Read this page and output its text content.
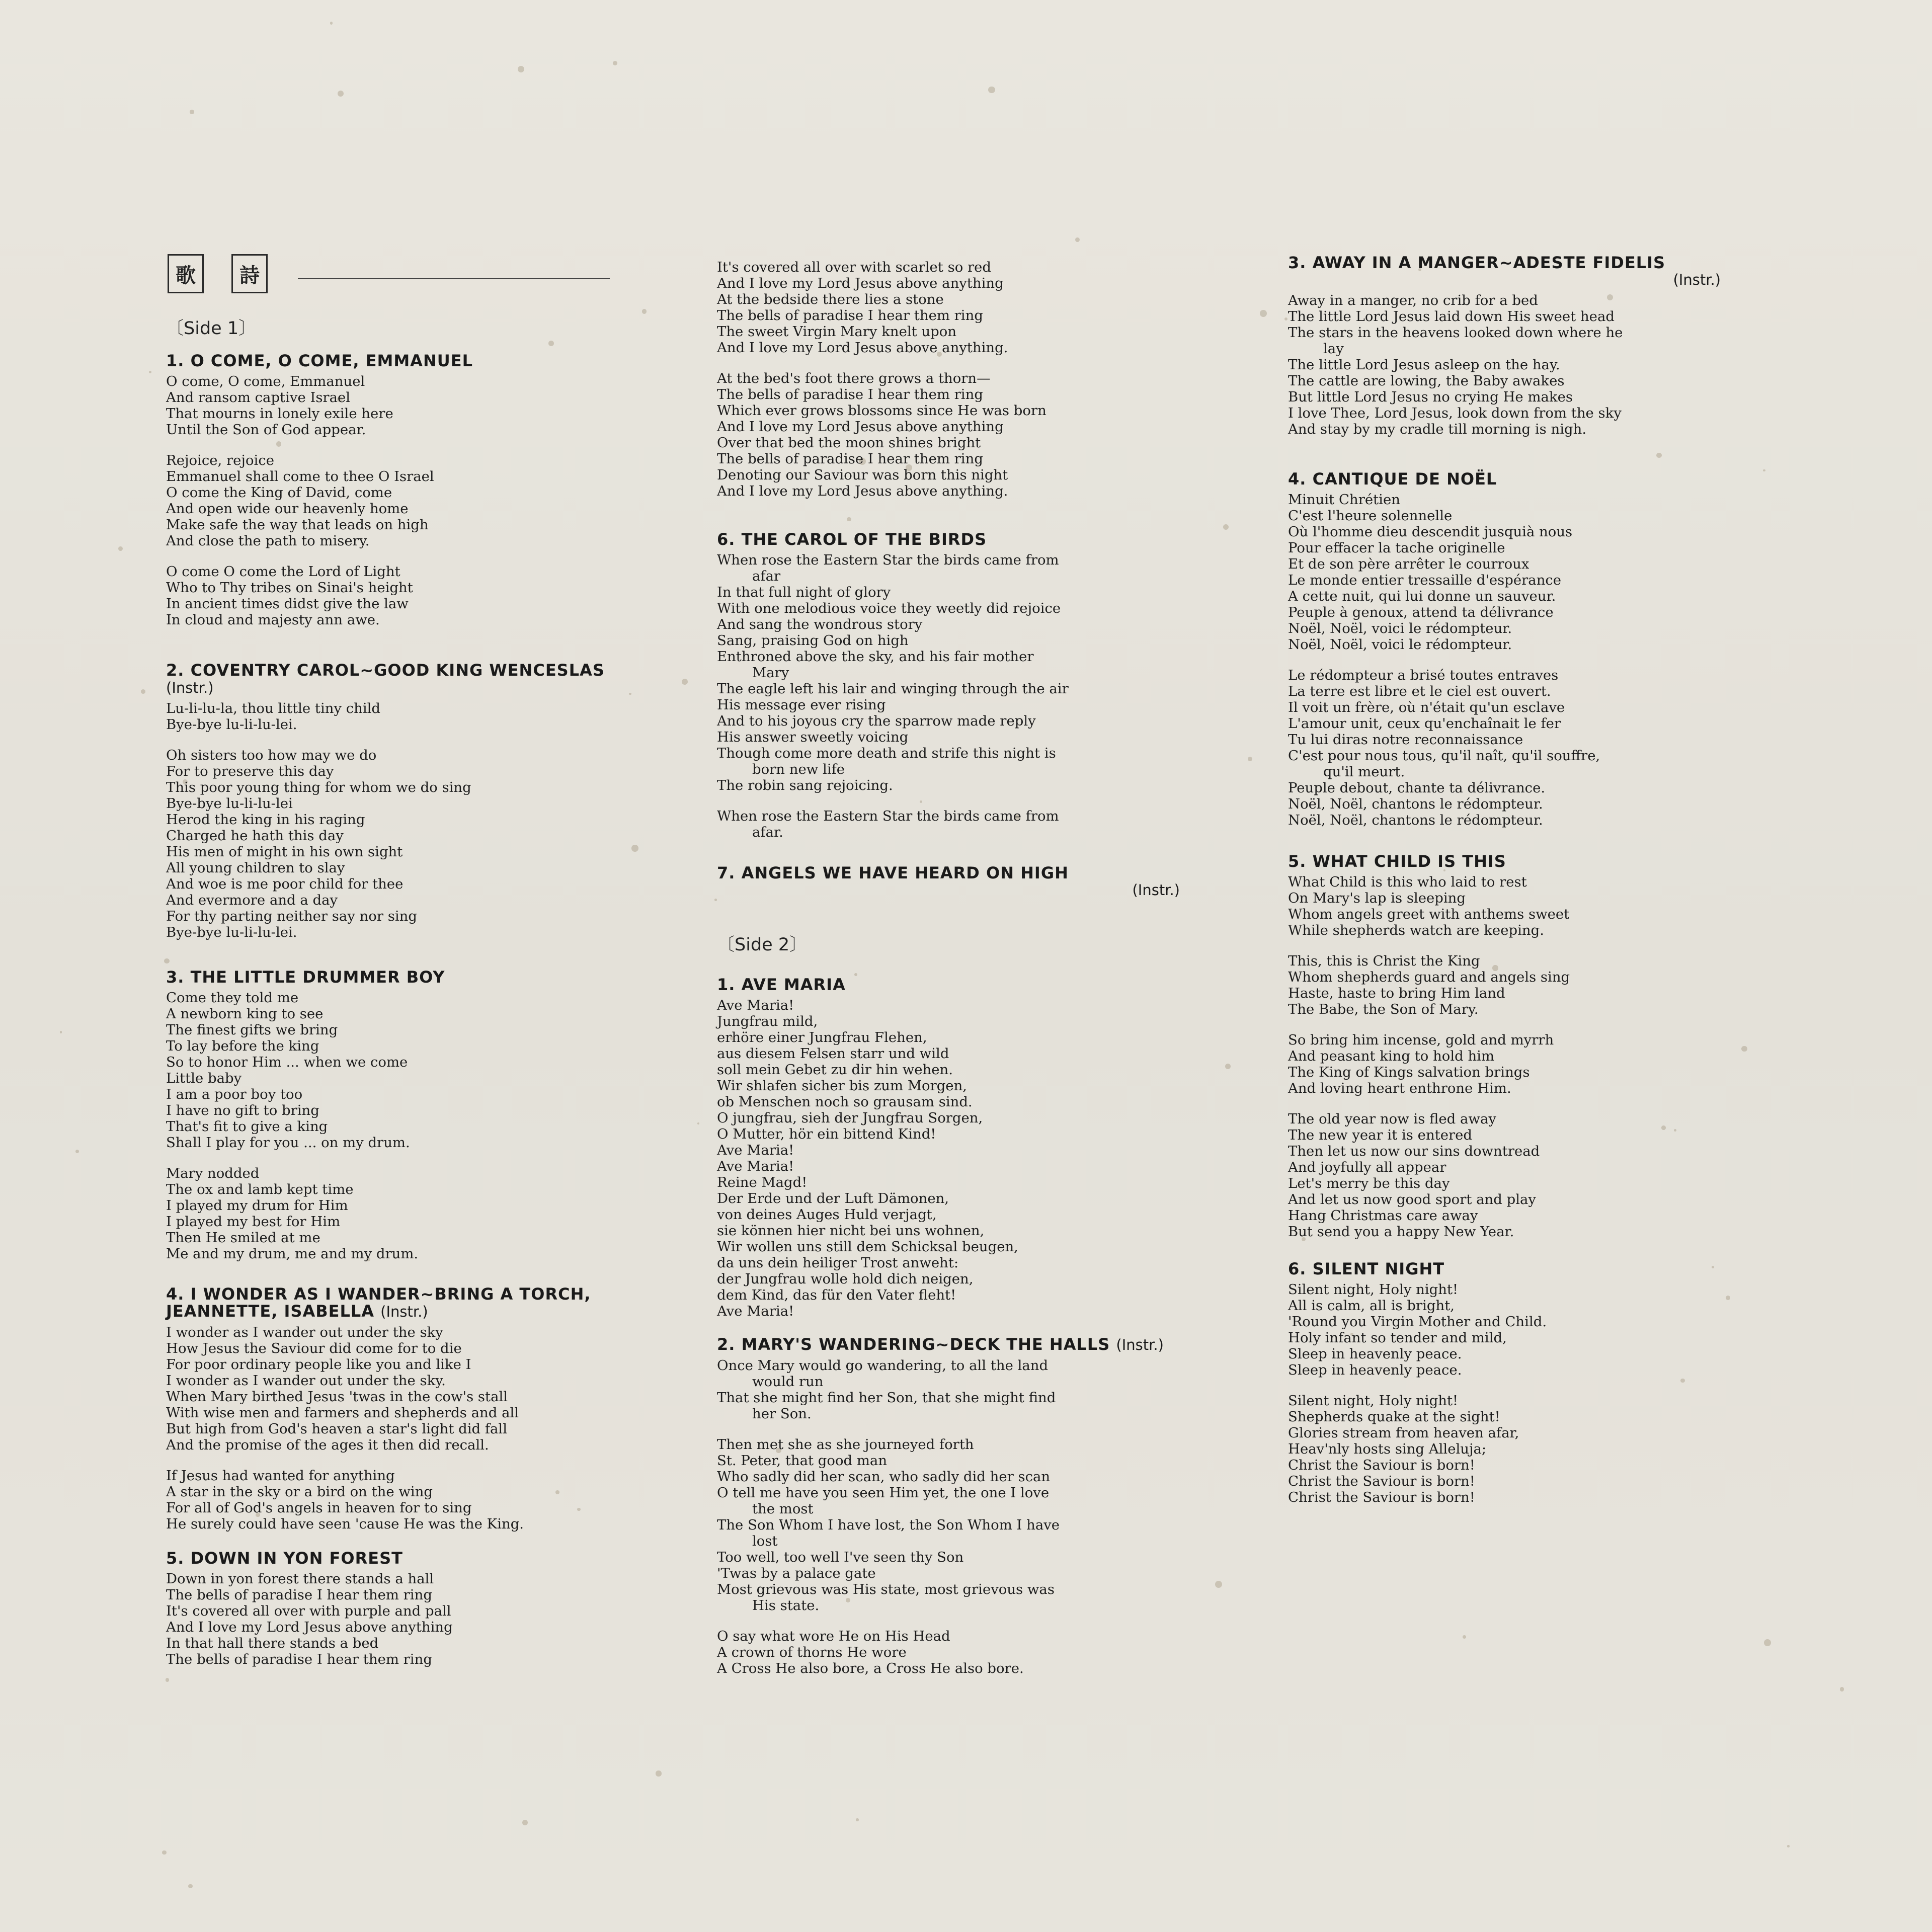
歌	詩
〔Side 1〕
1. O COME, O COME, EMMANUEL
O come, O come, Emmanuel
And ransom captive Israel
That mourns in lonely exile here
Until the Son of God appear.
Rejoice, rejoice
Emmanuel shall come to thee O Israel
O come the King of David, come
And open wide our heavenly home
Make safe the way that leads on high
And close the path to misery.
O come O come the Lord of Light
Who to Thy tribes on Sinai's height
In ancient times didst give the law
In cloud and majesty ann awe.
2. COVENTRY CAROL~GOOD KING WENCESLAS (Instr.)
Lu-li-lu-la, thou little tiny child
Bye-bye lu-li-lu-lei.
Oh sisters too how may we do
For to preserve this day
This poor young thing for whom we do sing
Bye-bye lu-li-lu-lei
Herod the king in his raging
Charged he hath this day
His men of might in his own sight
All young children to slay
And woe is me poor child for thee
And evermore and a day
For thy parting neither say nor sing
Bye-bye lu-li-lu-lei.
3. THE LITTLE DRUMMER BOY
Come they told me
A newborn king to see
The finest gifts we bring
To lay before the king
So to honor Him ... when we come
Little baby
I am a poor boy too
I have no gift to bring
That's fit to give a king
Shall I play for you ... on my drum.
Mary nodded
The ox and lamb kept time
I played my drum for Him
I played my best for Him
Then He smiled at me
Me and my drum, me and my drum.
4. I WONDER AS I WANDER~BRING A TORCH, JEANNETTE, ISABELLA (Instr.)
I wonder as I wander out under the sky
How Jesus the Saviour did come for to die
For poor ordinary people like you and like I
I wonder as I wander out under the sky.
When Mary birthed Jesus 'twas in the cow's stall
With wise men and farmers and shepherds and all
But high from God's heaven a star's light did fall
And the promise of the ages it then did recall.
If Jesus had wanted for anything
A star in the sky or a bird on the wing
For all of God's angels in heaven for to sing
He surely could have seen 'cause He was the King.
5. DOWN IN YON FOREST
Down in yon forest there stands a hall
The bells of paradise I hear them ring
It's covered all over with purple and pall
And I love my Lord Jesus above anything
In that hall there stands a bed
The bells of paradise I hear them ring
It's covered all over with scarlet so red
And I love my Lord Jesus above anything
At the bedside there lies a stone
The bells of paradise I hear them ring
The sweet Virgin Mary knelt upon
And I love my Lord Jesus above anything.
At the bed's foot there grows a thorn—
The bells of paradise I hear them ring
Which ever grows blossoms since He was born
And I love my Lord Jesus above anything
Over that bed the moon shines bright
The bells of paradise I hear them ring
Denoting our Saviour was born this night
And I love my Lord Jesus above anything.
6. THE CAROL OF THE BIRDS
When rose the Eastern Star the birds came from
afar
In that full night of glory
With one melodious voice they weetly did rejoice
And sang the wondrous story
Sang, praising God on high
Enthroned above the sky, and his fair mother
Mary
The eagle left his lair and winging through the air
His message ever rising
And to his joyous cry the sparrow made reply
His answer sweetly voicing
Though come more death and strife this night is
born new life
The robin sang rejoicing.
When rose the Eastern Star the birds came from
afar.
7. ANGELS WE HAVE HEARD ON HIGH
(Instr.)
〔Side 2〕
1. AVE MARIA
Ave Maria!
Jungfrau mild,
erhöre einer Jungfrau Flehen,
aus diesem Felsen starr und wild
soll mein Gebet zu dir hin wehen.
Wir shlafen sicher bis zum Morgen,
ob Menschen noch so grausam sind.
O jungfrau, sieh der Jungfrau Sorgen,
O Mutter, hör ein bittend Kind!
Ave Maria!
Ave Maria!
Reine Magd!
Der Erde und der Luft Dämonen,
von deines Auges Huld verjagt,
sie können hier nicht bei uns wohnen,
Wir wollen uns still dem Schicksal beugen,
da uns dein heiliger Trost anweht:
der Jungfrau wolle hold dich neigen,
dem Kind, das für den Vater fleht!
Ave Maria!
2. MARY'S WANDERING~DECK THE HALLS (Instr.)
Once Mary would go wandering, to all the land
would run
That she might find her Son, that she might find
her Son.
Then met she as she journeyed forth
St. Peter, that good man
Who sadly did her scan, who sadly did her scan
O tell me have you seen Him yet, the one I love
the most
The Son Whom I have lost, the Son Whom I have
lost
Too well, too well I've seen thy Son
'Twas by a palace gate
Most grievous was His state, most grievous was
His state.
O say what wore He on His Head
A crown of thorns He wore
A Cross He also bore, a Cross He also bore.
3. AWAY IN A MANGER~ADESTE FIDELIS
(Instr.)
Away in a manger, no crib for a bed
The little Lord Jesus laid down His sweet head
The stars in the heavens looked down where he
lay
The little Lord Jesus asleep on the hay.
The cattle are lowing, the Baby awakes
But little Lord Jesus no crying He makes
I love Thee, Lord Jesus, look down from the sky
And stay by my cradle till morning is nigh.
4. CANTIQUE DE NOËL
Minuit Chrétien
C'est l'heure solennelle
Où l'homme dieu descendit jusquià nous
Pour effacer la tache originelle
Et de son père arrêter le courroux
Le monde entier tressaille d'espérance
A cette nuit, qui lui donne un sauveur.
Peuple à genoux, attend ta délivrance
Noël, Noël, voici le rédompteur.
Noël, Noël, voici le rédompteur.
Le rédompteur a brisé toutes entraves
La terre est libre et le ciel est ouvert.
Il voit un frère, où n'était qu'un esclave
L'amour unit, ceux qu'enchaînait le fer
Tu lui diras notre reconnaissance
C'est pour nous tous, qu'il naît, qu'il souffre,
qu'il meurt.
Peuple debout, chante ta délivrance.
Noël, Noël, chantons le rédompteur.
Noël, Noël, chantons le rédompteur.
5. WHAT CHILD IS THIS
What Child is this who laid to rest
On Mary's lap is sleeping
Whom angels greet with anthems sweet
While shepherds watch are keeping.
This, this is Christ the King
Whom shepherds guard and angels sing
Haste, haste to bring Him land
The Babe, the Son of Mary.
So bring him incense, gold and myrrh
And peasant king to hold him
The King of Kings salvation brings
And loving heart enthrone Him.
The old year now is fled away
The new year it is entered
Then let us now our sins downtread
And joyfully all appear
Let's merry be this day
And let us now good sport and play
Hang Christmas care away
But send you a happy New Year.
6. SILENT NIGHT
Silent night, Holy night!
All is calm, all is bright,
'Round you Virgin Mother and Child.
Holy infant so tender and mild,
Sleep in heavenly peace.
Sleep in heavenly peace.
Silent night, Holy night!
Shepherds quake at the sight!
Glories stream from heaven afar,
Heav'nly hosts sing Alleluja;
Christ the Saviour is born!
Christ the Saviour is born!
Christ the Saviour is born!
